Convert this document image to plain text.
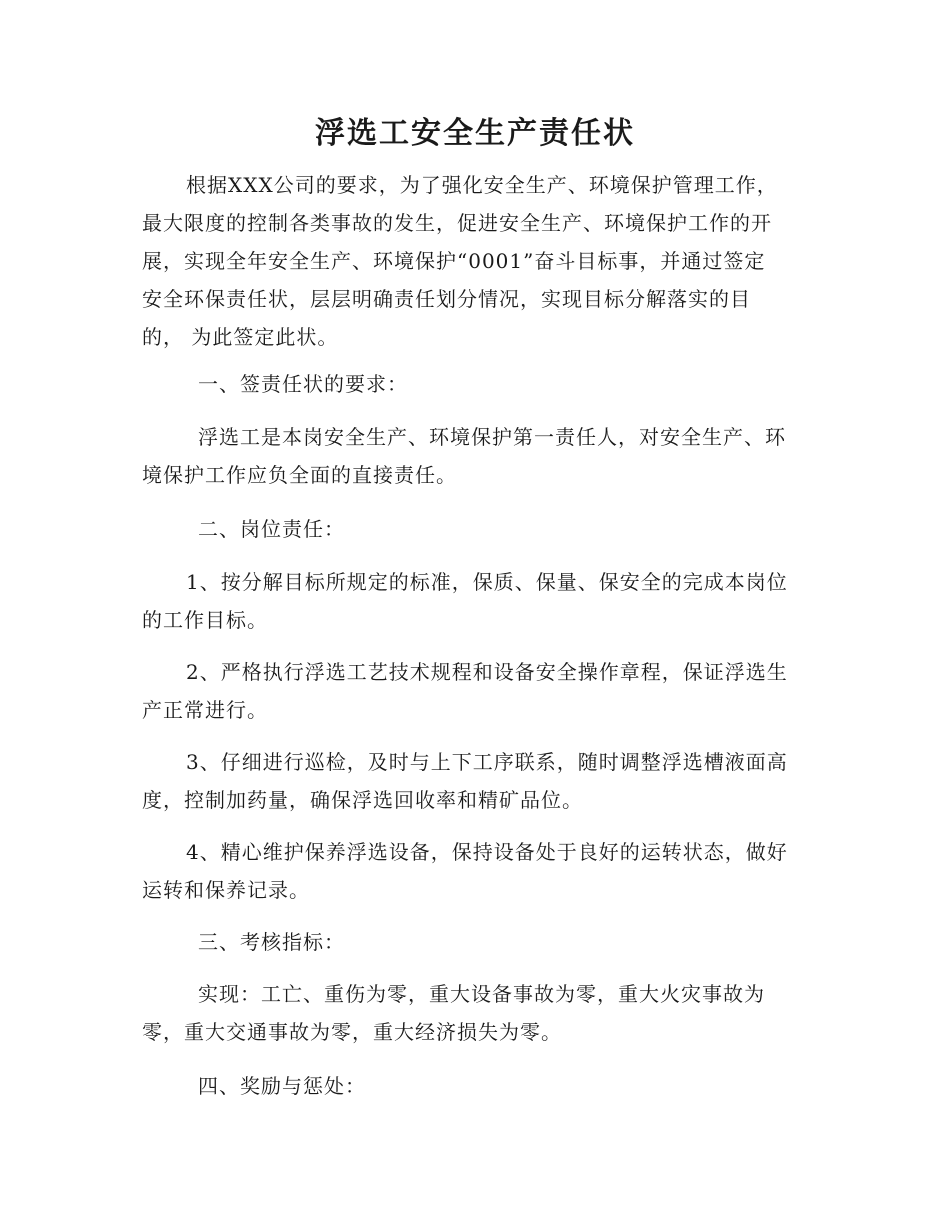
浮选工安全生产责任状
根据XXX公司的要求，为了强化安全生产、环境保护管理工作，
最大限度的控制各类事故的发生，促进安全生产、环境保护工作的开
展，实现全年安全生产、环境保护“0001”奋斗目标事，并通过签定
安全环保责任状，层层明确责任划分情况，实现目标分解落实的目
的， 为此签定此状。
一、签责任状的要求：
浮选工是本岗安全生产、环境保护第一责任人，对安全生产、环
境保护工作应负全面的直接责任。
二、岗位责任：
1、按分解目标所规定的标准，保质、保量、保安全的完成本岗位
的工作目标。
2、严格执行浮选工艺技术规程和设备安全操作章程，保证浮选生
产正常进行。
3、仔细进行巡检，及时与上下工序联系，随时调整浮选槽液面高
度，控制加药量，确保浮选回收率和精矿品位。
4、精心维护保养浮选设备，保持设备处于良好的运转状态，做好
运转和保养记录。
三、考核指标：
实现：工亡、重伤为零，重大设备事故为零，重大火灾事故为
零，重大交通事故为零，重大经济损失为零。
四、奖励与惩处：
